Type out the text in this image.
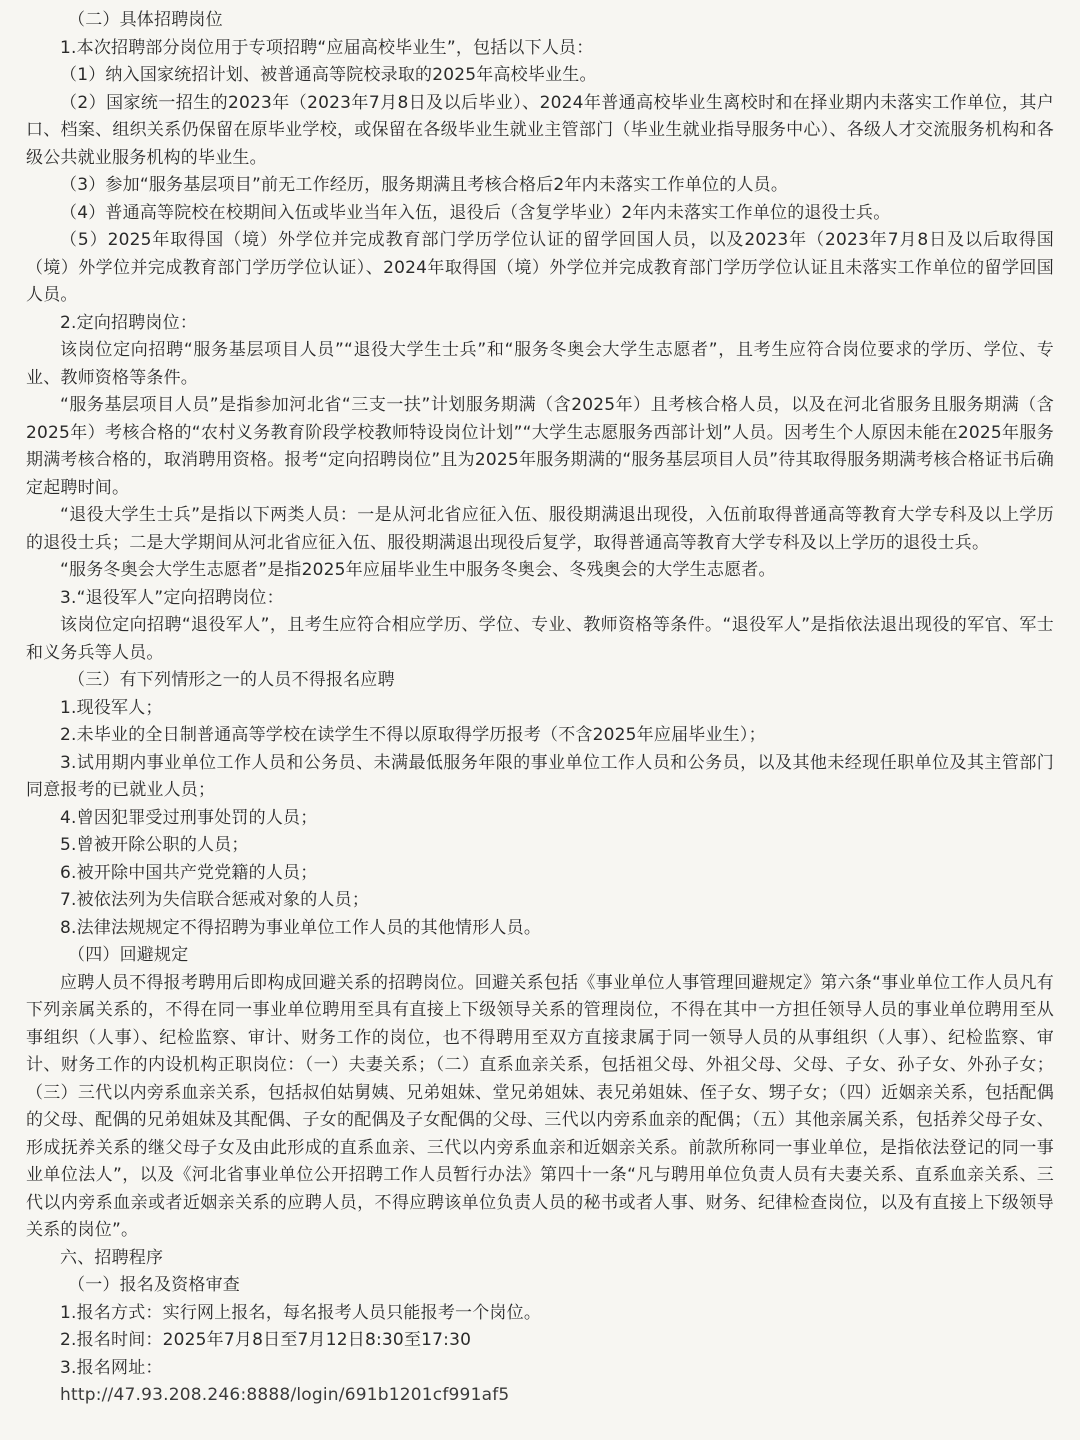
（二）具体招聘岗位

1.本次招聘部分岗位用于专项招聘“应届高校毕业生”，包括以下人员：

（1）纳入国家统招计划、被普通高等院校录取的2025年高校毕业生。

（2）国家统一招生的2023年（2023年7月8日及以后毕业）、2024年普通高校毕业生离校时和在择业期内未落实工作单位，其户口、档案、组织关系仍保留在原毕业学校，或保留在各级毕业生就业主管部门（毕业生就业指导服务中心）、各级人才交流服务机构和各级公共就业服务机构的毕业生。

（3）参加“服务基层项目”前无工作经历，服务期满且考核合格后2年内未落实工作单位的人员。

（4）普通高等院校在校期间入伍或毕业当年入伍，退役后（含复学毕业）2年内未落实工作单位的退役士兵。

（5）2025年取得国（境）外学位并完成教育部门学历学位认证的留学回国人员，以及2023年（2023年7月8日及以后取得国（境）外学位并完成教育部门学历学位认证）、2024年取得国（境）外学位并完成教育部门学历学位认证且未落实工作单位的留学回国人员。

2.定向招聘岗位：

该岗位定向招聘“服务基层项目人员”“退役大学生士兵”和“服务冬奥会大学生志愿者”，且考生应符合岗位要求的学历、学位、专业、教师资格等条件。

“服务基层项目人员”是指参加河北省“三支一扶”计划服务期满（含2025年）且考核合格人员，以及在河北省服务且服务期满（含2025年）考核合格的“农村义务教育阶段学校教师特设岗位计划”“大学生志愿服务西部计划”人员。因考生个人原因未能在2025年服务期满考核合格的，取消聘用资格。报考“定向招聘岗位”且为2025年服务期满的“服务基层项目人员”待其取得服务期满考核合格证书后确定起聘时间。

“退役大学生士兵”是指以下两类人员：一是从河北省应征入伍、服役期满退出现役，入伍前取得普通高等教育大学专科及以上学历的退役士兵；二是大学期间从河北省应征入伍、服役期满退出现役后复学，取得普通高等教育大学专科及以上学历的退役士兵。

“服务冬奥会大学生志愿者”是指2025年应届毕业生中服务冬奥会、冬残奥会的大学生志愿者。

3.“退役军人”定向招聘岗位：

该岗位定向招聘“退役军人”，且考生应符合相应学历、学位、专业、教师资格等条件。“退役军人”是指依法退出现役的军官、军士和义务兵等人员。

（三）有下列情形之一的人员不得报名应聘

1.现役军人；

2.未毕业的全日制普通高等学校在读学生不得以原取得学历报考（不含2025年应届毕业生）；

3.试用期内事业单位工作人员和公务员、未满最低服务年限的事业单位工作人员和公务员，以及其他未经现任职单位及其主管部门同意报考的已就业人员；

4.曾因犯罪受过刑事处罚的人员；

5.曾被开除公职的人员；

6.被开除中国共产党党籍的人员；

7.被依法列为失信联合惩戒对象的人员；

8.法律法规规定不得招聘为事业单位工作人员的其他情形人员。

（四）回避规定

应聘人员不得报考聘用后即构成回避关系的招聘岗位。回避关系包括《事业单位人事管理回避规定》第六条“事业单位工作人员凡有下列亲属关系的，不得在同一事业单位聘用至具有直接上下级领导关系的管理岗位，不得在其中一方担任领导人员的事业单位聘用至从事组织（人事）、纪检监察、审计、财务工作的岗位，也不得聘用至双方直接隶属于同一领导人员的从事组织（人事）、纪检监察、审计、财务工作的内设机构正职岗位：（一）夫妻关系；（二）直系血亲关系，包括祖父母、外祖父母、父母、子女、孙子女、外孙子女；（三）三代以内旁系血亲关系，包括叔伯姑舅姨、兄弟姐妹、堂兄弟姐妹、表兄弟姐妹、侄子女、甥子女；（四）近姻亲关系，包括配偶的父母、配偶的兄弟姐妹及其配偶、子女的配偶及子女配偶的父母、三代以内旁系血亲的配偶；（五）其他亲属关系，包括养父母子女、形成抚养关系的继父母子女及由此形成的直系血亲、三代以内旁系血亲和近姻亲关系。前款所称同一事业单位，是指依法登记的同一事业单位法人”，以及《河北省事业单位公开招聘工作人员暂行办法》第四十一条“凡与聘用单位负责人员有夫妻关系、直系血亲关系、三代以内旁系血亲或者近姻亲关系的应聘人员，不得应聘该单位负责人员的秘书或者人事、财务、纪律检查岗位，以及有直接上下级领导关系的岗位”。

六、招聘程序

（一）报名及资格审查

1.报名方式：实行网上报名，每名报考人员只能报考一个岗位。

2.报名时间：2025年7月8日至7月12日8:30至17:30

3.报名网址：

http://47.93.208.246:8888/login/691b1201cf991af5
